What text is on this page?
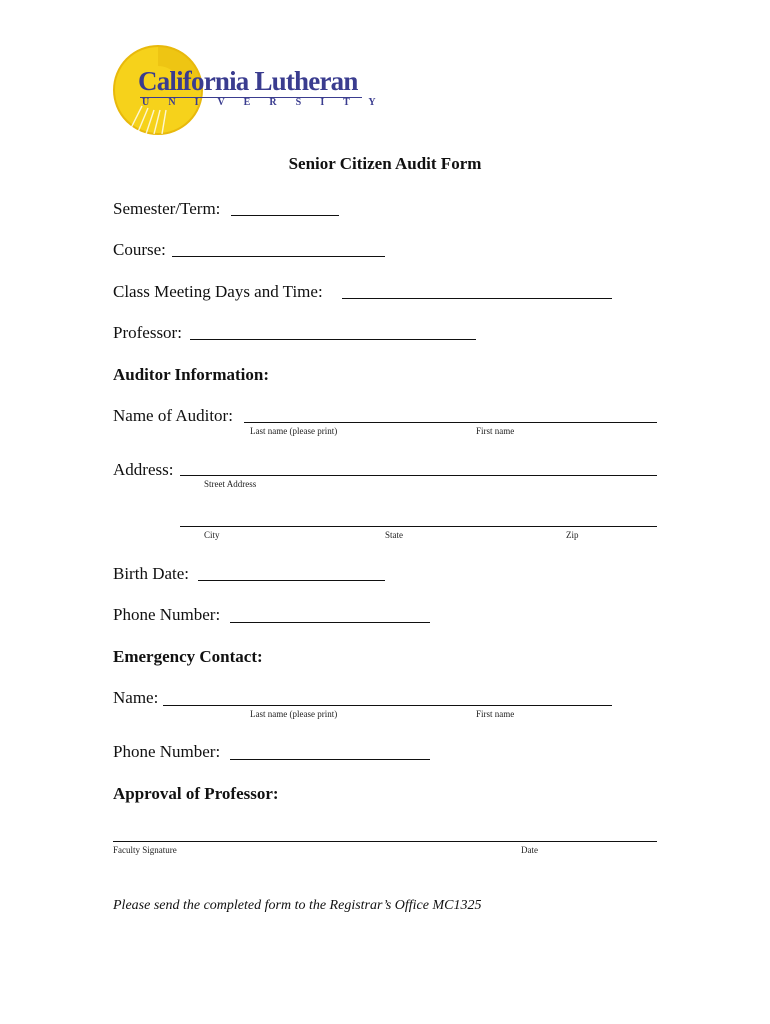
California Lutheran
U N I V E R S I T Y
Senior Citizen Audit Form
Semester/Term:
Course:
Class Meeting Days and Time:
Professor:
Auditor Information:
Name of Auditor:
Last name (please print)	First name
Address:
Street Address
City	State	Zip
Birth Date:
Phone Number:
Emergency Contact:
Name:
Last name (please print)	First name
Phone Number:
Approval of Professor:
Faculty Signature	Date
Please send the completed form to the Registrar’s Office MC1325
